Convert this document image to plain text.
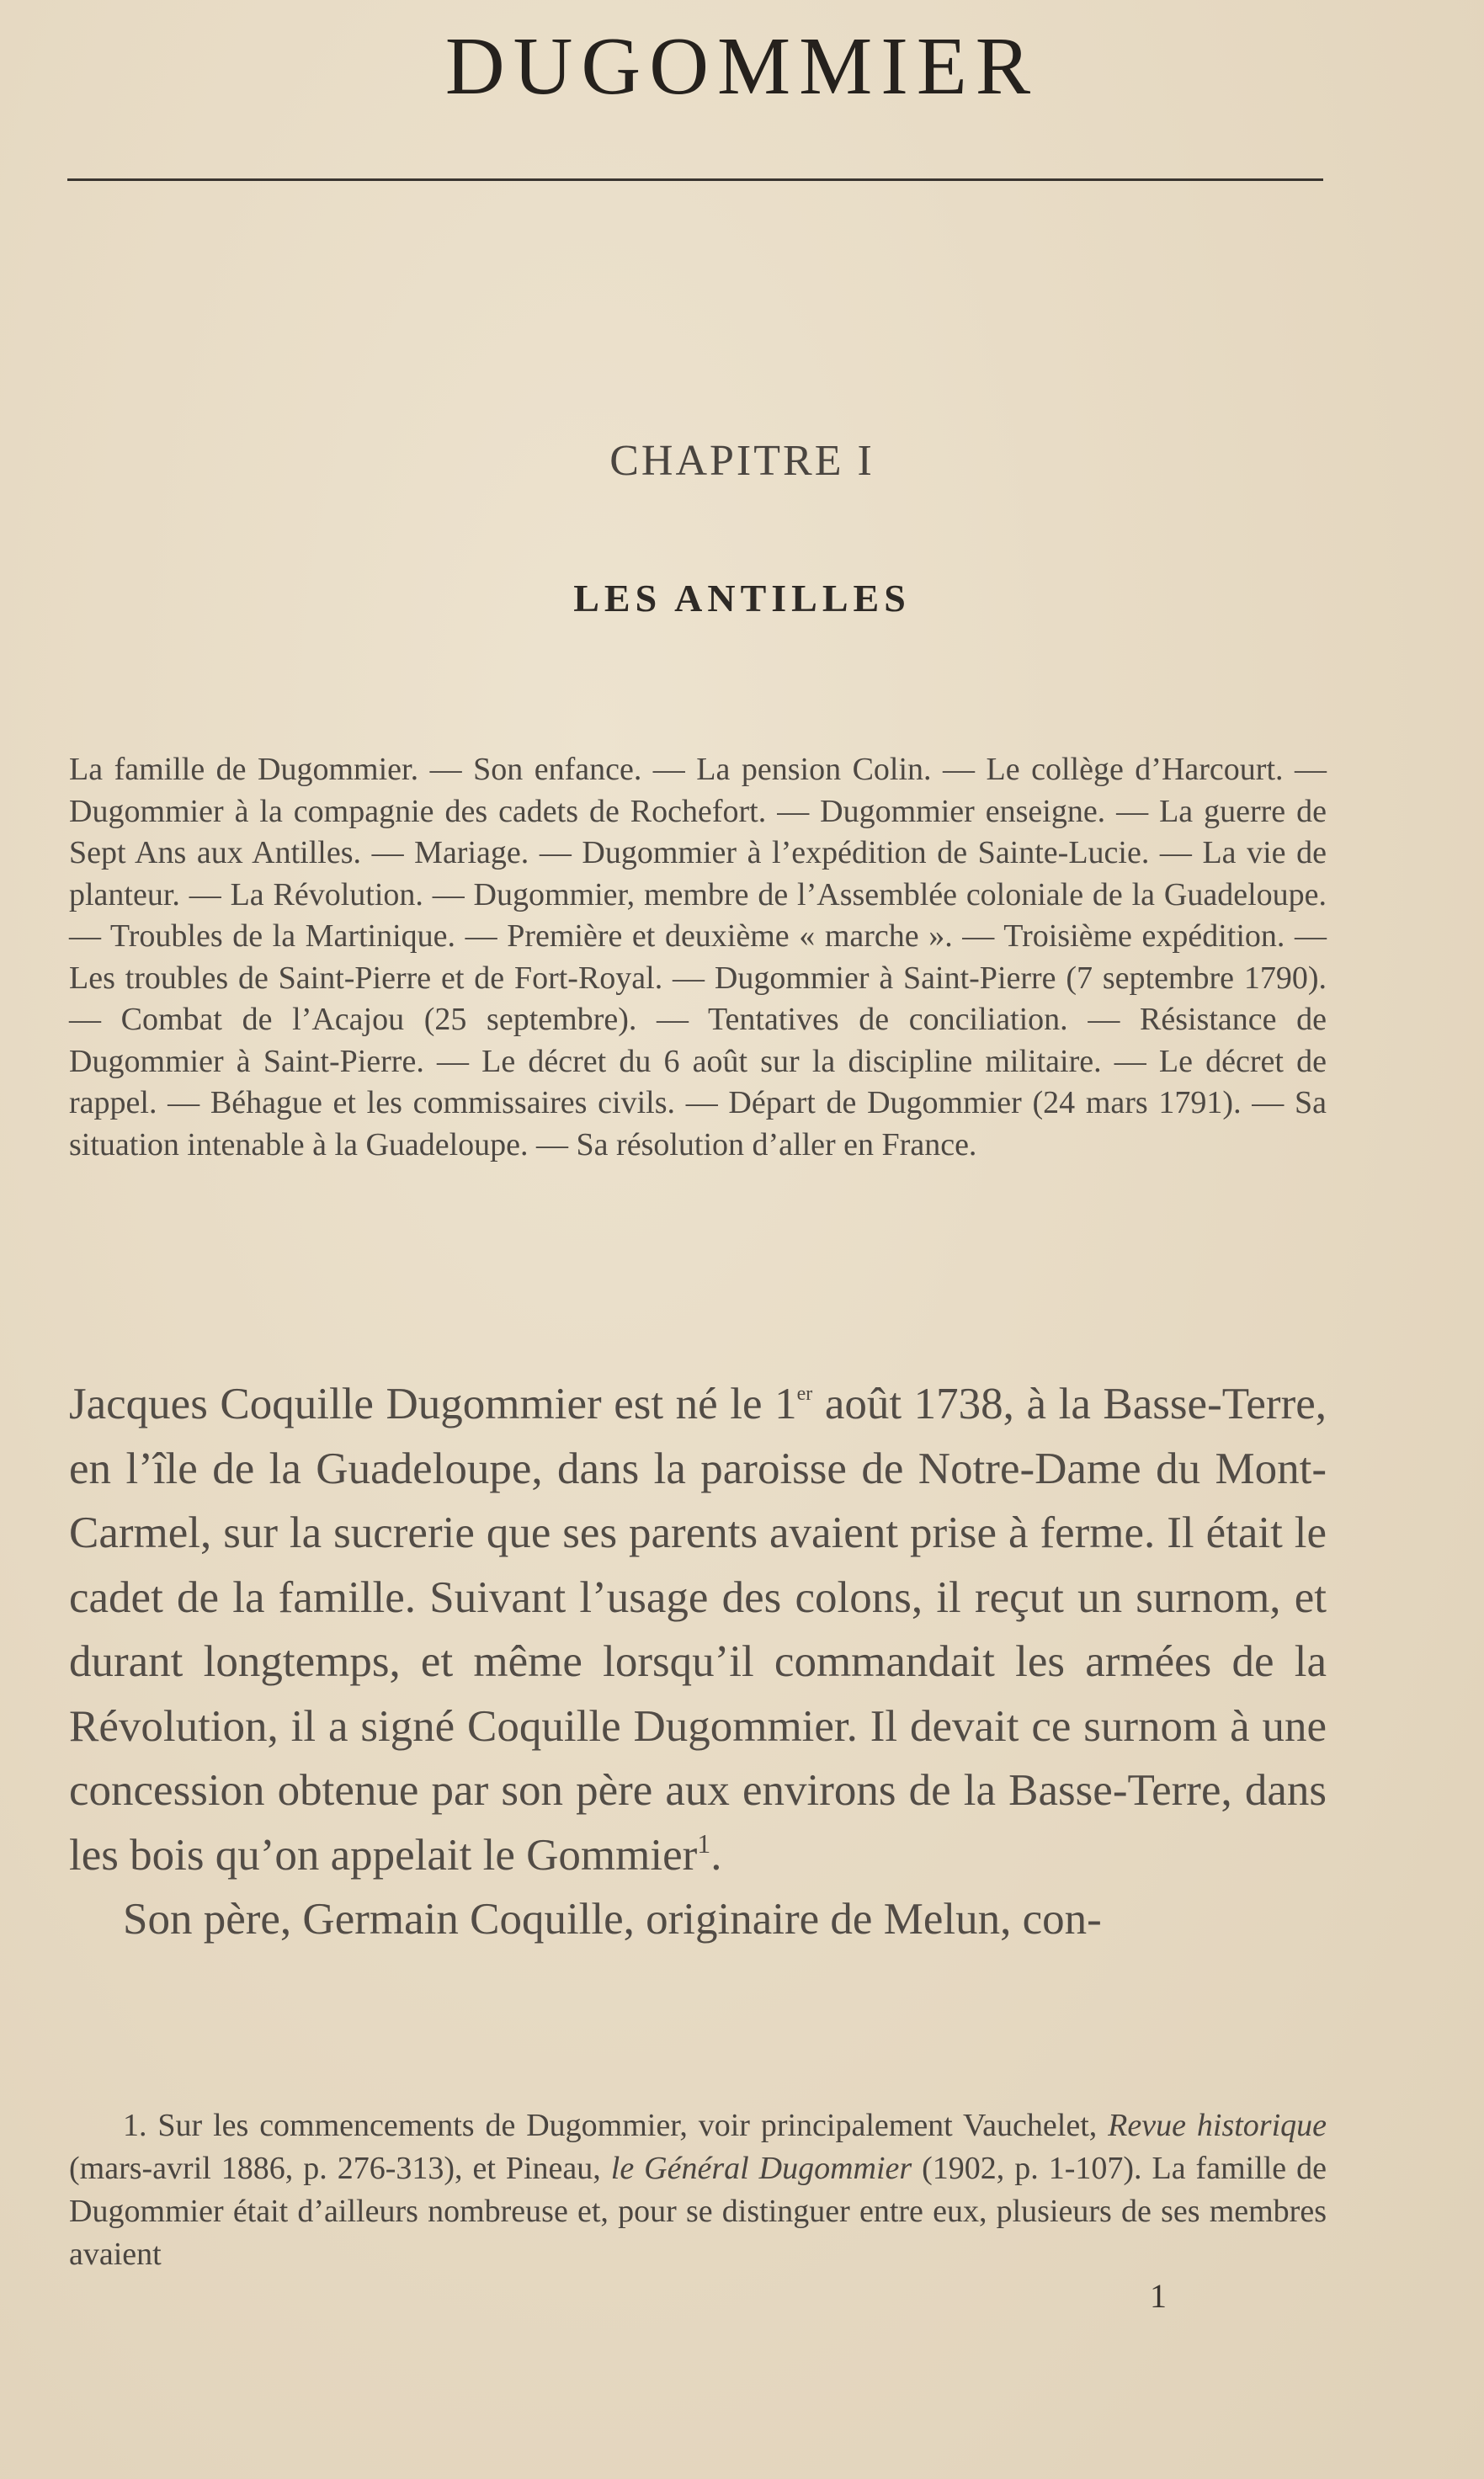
DUGOMMIER
CHAPITRE I
LES ANTILLES
La famille de Dugommier. — Son enfance. — La pension Colin. — Le collège d’Harcourt. — Dugommier à la compagnie des cadets de Rochefort. — Dugommier enseigne. — La guerre de Sept Ans aux Antilles. — Mariage. — Dugommier à l’expédition de Sainte-Lucie. — La vie de planteur. — La Révolution. — Dugommier, membre de l’Assemblée coloniale de la Guadeloupe. — Troubles de la Martinique. — Première et deuxième « marche ». — Troisième expédition. — Les troubles de Saint-Pierre et de Fort-Royal. — Dugommier à Saint-Pierre (7 septembre 1790). — Combat de l’Acajou (25 septembre). — Tentatives de conciliation. — Résistance de Dugommier à Saint-Pierre. — Le décret du 6 août sur la discipline militaire. — Le décret de rappel. — Béhague et les commissaires civils. — Départ de Dugommier (24 mars 1791). — Sa situation intenable à la Guadeloupe. — Sa résolution d’aller en France.

Jacques Coquille Dugommier est né le 1er août 1738, à la Basse-Terre, en l’île de la Guadeloupe, dans la paroisse de Notre-Dame du Mont-Carmel, sur la sucrerie que ses parents avaient prise à ferme. Il était le cadet de la famille. Suivant l’usage des colons, il reçut un surnom, et durant longtemps, et même lorsqu’il commandait les armées de la Révolution, il a signé Coquille Dugommier. Il devait ce surnom à une concession obtenue par son père aux environs de la Basse-Terre, dans les bois qu’on appelait le Gommier$^1$.

Son père, Germain Coquille, originaire de Melun, con-

1. Sur les commencements de Dugommier, voir principalement Vauchelet, Revue historique (mars-avril 1886, p. 276-313), et Pineau, le Général Dugommier (1902, p. 1-107). La famille de Dugommier était d’ailleurs nombreuse et, pour se distinguer entre eux, plusieurs de ses membres avaient
1
